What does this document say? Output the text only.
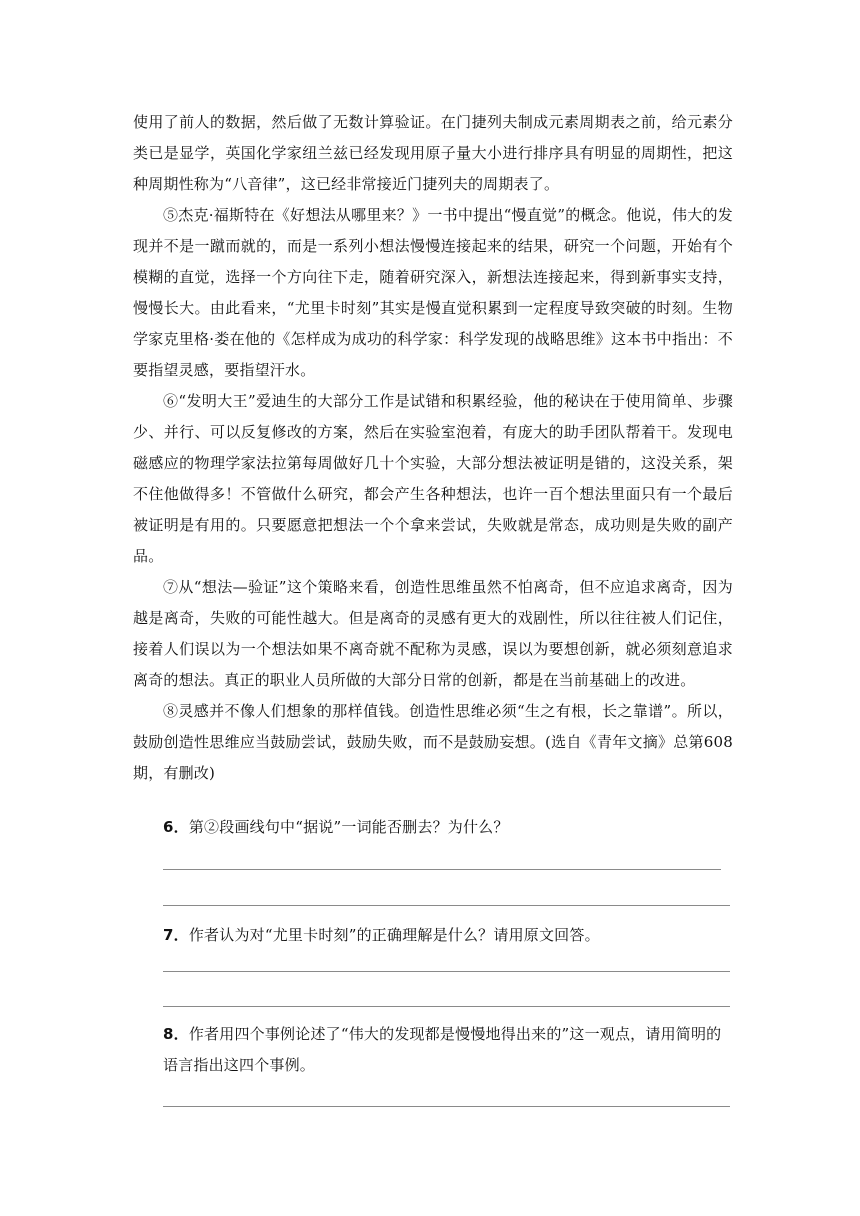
使用了前人的数据，然后做了无数计算验证。在门捷列夫制成元素周期表之前，给元素分类已是显学，英国化学家纽兰兹已经发现用原子量大小进行排序具有明显的周期性，把这种周期性称为“八音律”，这已经非常接近门捷列夫的周期表了。

⑤杰克·福斯特在《好想法从哪里来？》一书中提出“慢直觉”的概念。他说，伟大的发现并不是一蹴而就的，而是一系列小想法慢慢连接起来的结果，研究一个问题，开始有个模糊的直觉，选择一个方向往下走，随着研究深入，新想法连接起来，得到新事实支持，慢慢长大。由此看来，“尤里卡时刻”其实是慢直觉积累到一定程度导致突破的时刻。生物学家克里格·娄在他的《怎样成为成功的科学家：科学发现的战略思维》这本书中指出：不要指望灵感，要指望汗水。

⑥“发明大王”爱迪生的大部分工作是试错和积累经验，他的秘诀在于使用简单、步骤少、并行、可以反复修改的方案，然后在实验室泡着，有庞大的助手团队帮着干。发现电磁感应的物理学家法拉第每周做好几十个实验，大部分想法被证明是错的，这没关系，架不住他做得多！不管做什么研究，都会产生各种想法，也许一百个想法里面只有一个最后被证明是有用的。只要愿意把想法一个个拿来尝试，失败就是常态，成功则是失败的副产品。

⑦从“想法—验证”这个策略来看，创造性思维虽然不怕离奇，但不应追求离奇，因为越是离奇，失败的可能性越大。但是离奇的灵感有更大的戏剧性，所以往往被人们记住，接着人们误以为一个想法如果不离奇就不配称为灵感，误以为要想创新，就必须刻意追求离奇的想法。真正的职业人员所做的大部分日常的创新，都是在当前基础上的改进。

⑧灵感并不像人们想象的那样值钱。创造性思维必须“生之有根，长之靠谱”。所以，鼓励创造性思维应当鼓励尝试，鼓励失败，而不是鼓励妄想。(选自《青年文摘》总第608期，有删改)

6．第②段画线句中“据说”一词能否删去？为什么？
7．作者认为对“尤里卡时刻”的正确理解是什么？请用原文回答。
8．作者用四个事例论述了“伟大的发现都是慢慢地得出来的”这一观点，请用简明的语言指出这四个事例。
